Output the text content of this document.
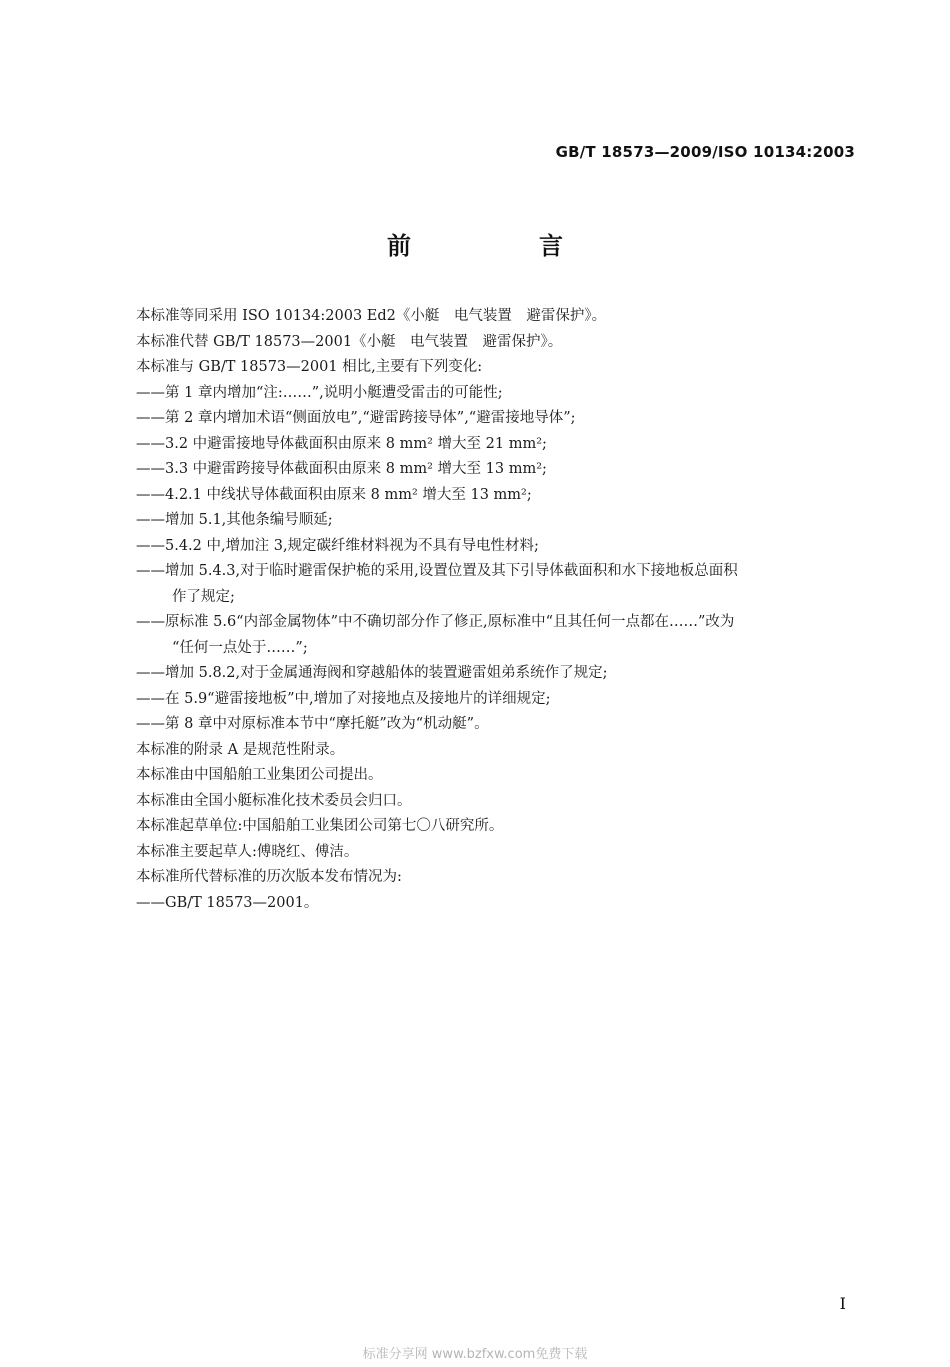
GB/T 18573—2009/ISO 10134:2003
前　言

本标准等同采用 ISO 10134:2003 Ed2《小艇　电气装置　避雷保护》。

本标准代替 GB/T 18573—2001《小艇　电气装置　避雷保护》。

本标准与 GB/T 18573—2001 相比,主要有下列变化:

——第 1 章内增加“注:……”,说明小艇遭受雷击的可能性;
——第 2 章内增加术语“侧面放电”,“避雷跨接导体”,“避雷接地导体”;
——3.2 中避雷接地导体截面积由原来 8 mm² 增大至 21 mm²;
——3.3 中避雷跨接导体截面积由原来 8 mm² 增大至 13 mm²;
——4.2.1 中线状导体截面积由原来 8 mm² 增大至 13 mm²;
——增加 5.1,其他条编号顺延;
——5.4.2 中,增加注 3,规定碳纤维材料视为不具有导电性材料;
——增加 5.4.3,对于临时避雷保护桅的采用,设置位置及其下引导体截面积和水下接地板总面积
作了规定;
——原标准 5.6“内部金属物体”中不确切部分作了修正,原标准中“且其任何一点都在……”改为
“任何一点处于……”;
——增加 5.8.2,对于金属通海阀和穿越船体的装置避雷姐弟系统作了规定;
——在 5.9“避雷接地板”中,增加了对接地点及接地片的详细规定;
——第 8 章中对原标准本节中“摩托艇”改为“机动艇”。

本标准的附录 A 是规范性附录。

本标准由中国船舶工业集团公司提出。

本标准由全国小艇标准化技术委员会归口。

本标准起草单位:中国船舶工业集团公司第七〇八研究所。

本标准主要起草人:傅晓红、傅洁。

本标准所代替标准的历次版本发布情况为:

——GB/T 18573—2001。

I
标准分享网 www.bzfxw.com免费下载
